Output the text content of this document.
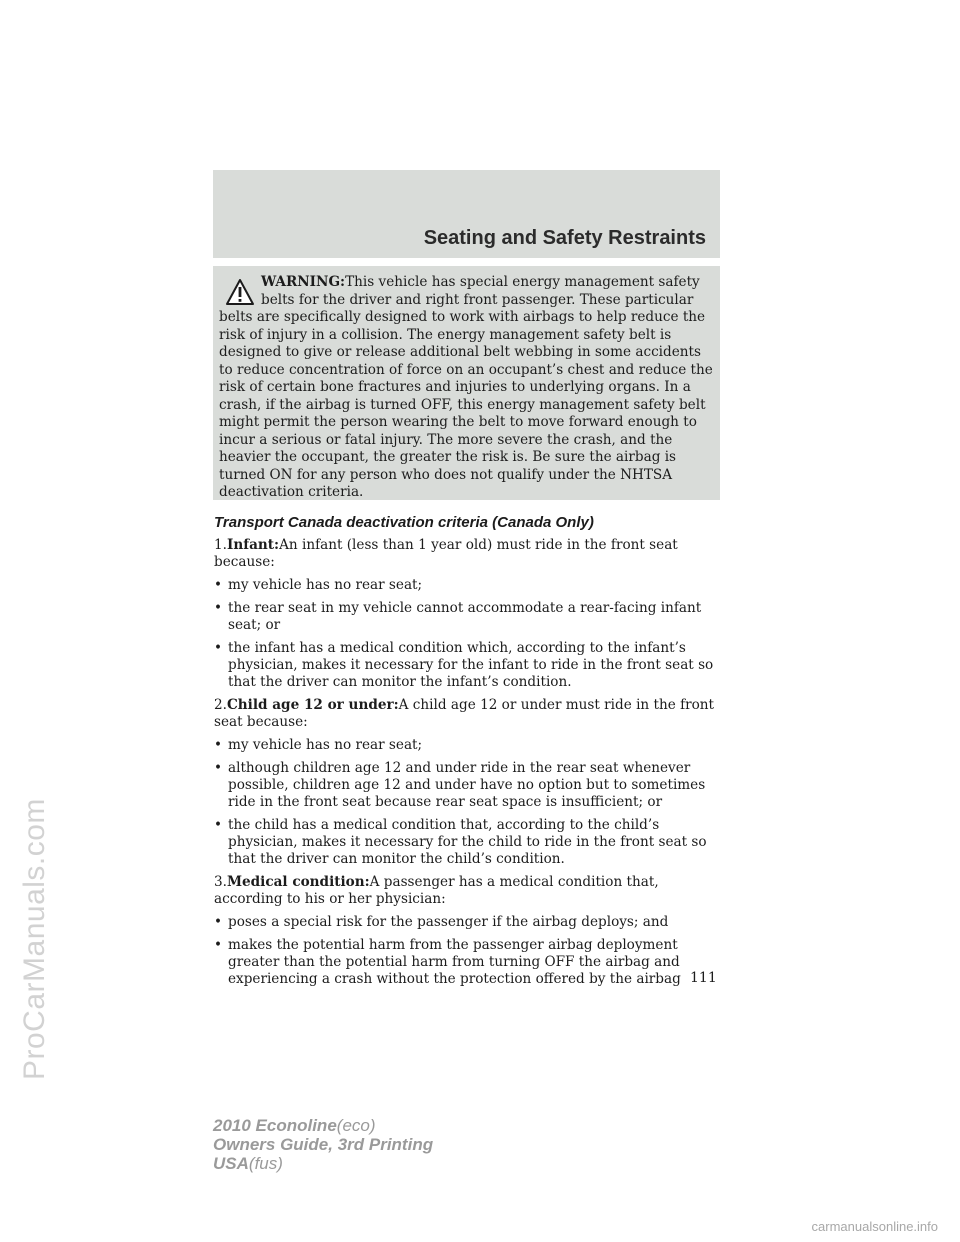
ProCarManuals.com
Seating and Safety Restraints

WARNING:This vehicle has special energy management safety belts for the driver and right front passenger. These particular belts are specifically designed to work with airbags to help reduce the risk of injury in a collision. The energy management safety belt is designed to give or release additional belt webbing in some accidents to reduce concentration of force on an occupant’s chest and reduce the risk of certain bone fractures and injuries to underlying organs. In a crash, if the airbag is turned OFF, this energy management safety belt might permit the person wearing the belt to move forward enough to incur a serious or fatal injury. The more severe the crash, and the heavier the occupant, the greater the risk is. Be sure the airbag is turned ON for any person who does not qualify under the NHTSA deactivation criteria.

Transport Canada deactivation criteria (Canada Only)

1.Infant:An infant (less than 1 year old) must ride in the front seat because:

• my vehicle has no rear seat;
• the rear seat in my vehicle cannot accommodate a rear-facing infant seat; or
• the infant has a medical condition which, according to the infant’s physician, makes it necessary for the infant to ride in the front seat so that the driver can monitor the infant’s condition.

2.Child age 12 or under:A child age 12 or under must ride in the front seat because:

• my vehicle has no rear seat;
• although children age 12 and under ride in the rear seat whenever possible, children age 12 and under have no option but to sometimes ride in the front seat because rear seat space is insufficient; or
• the child has a medical condition that, according to the child’s physician, makes it necessary for the child to ride in the front seat so that the driver can monitor the child’s condition.

3.Medical condition:A passenger has a medical condition that, according to his or her physician:

• poses a special risk for the passenger if the airbag deploys; and
• makes the potential harm from the passenger airbag deployment greater than the potential harm from turning OFF the airbag and experiencing a crash without the protection offered by the airbag 111
2010 Econoline(eco)
Owners Guide, 3rd Printing
USA(fus)
carmanualsonline.info
